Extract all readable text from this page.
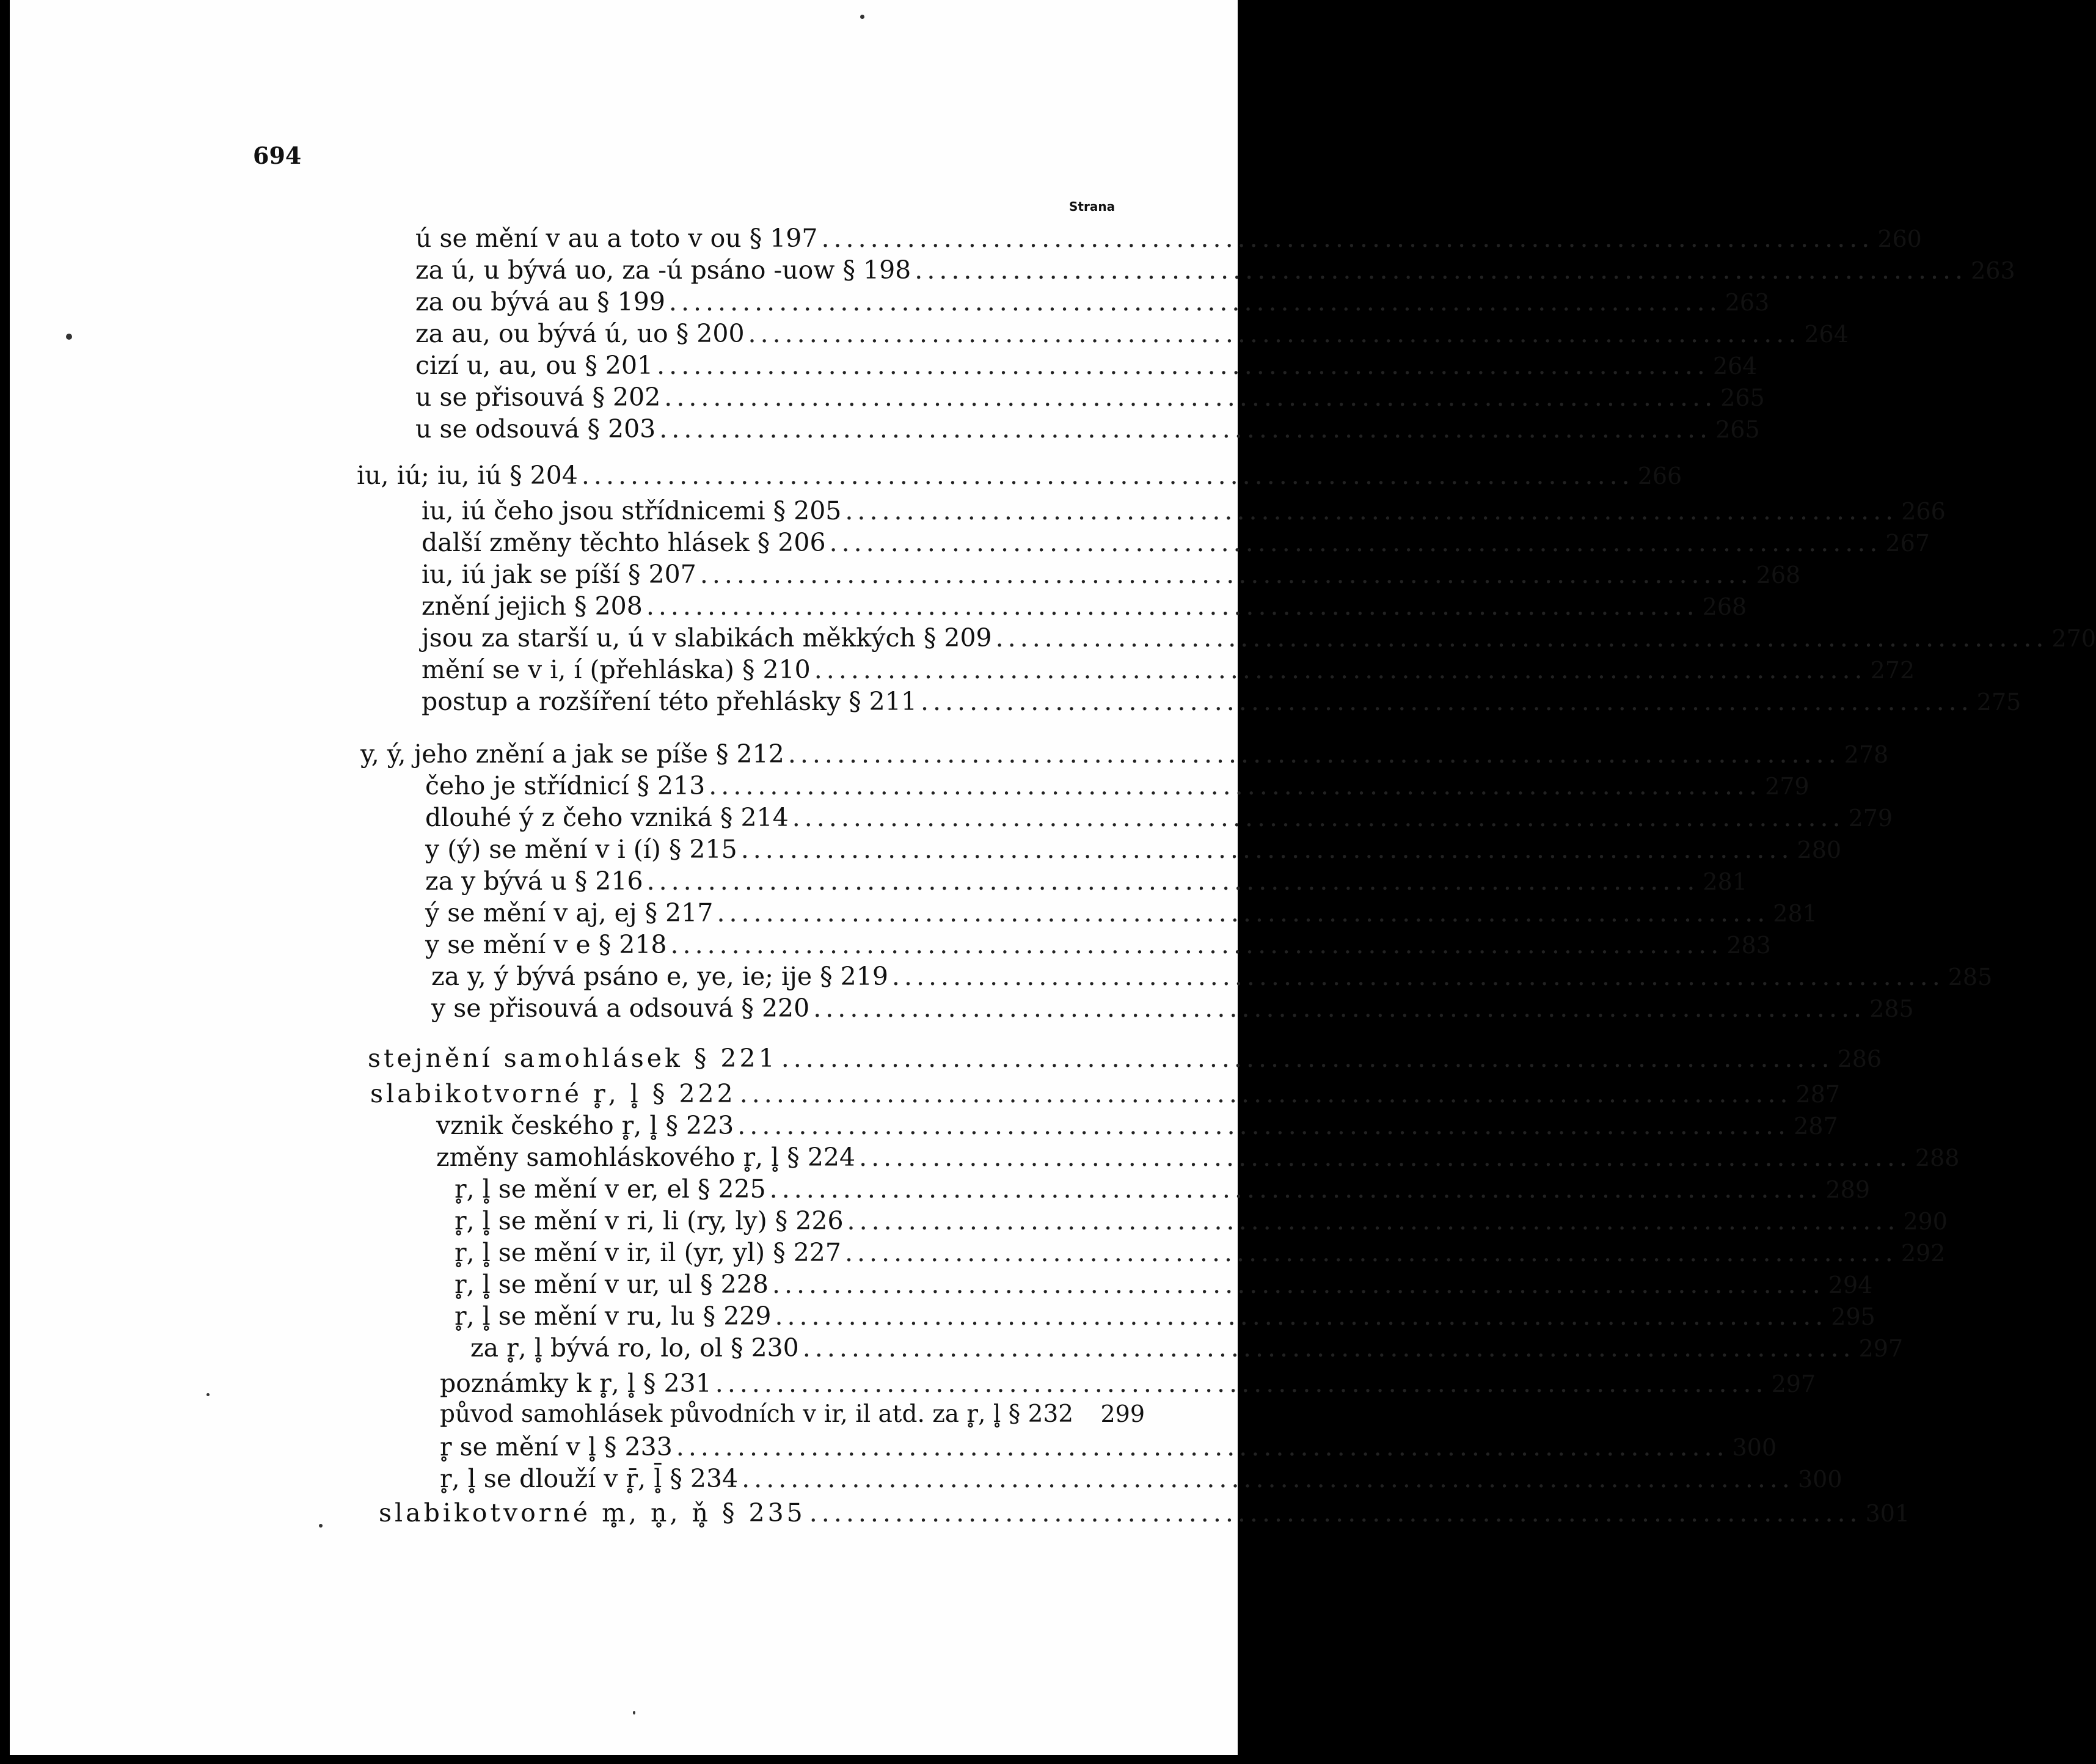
694
Strana
ú se mění v au a toto v ou § 197 ...................................................................................... 260
za ú, u bývá uo, za -ú psáno -uow § 198 ...................................................................................... 263
za ou bývá au § 199 ...................................................................................... 263
za au, ou bývá ú, uo § 200 ...................................................................................... 264
cizí u, au, ou § 201 ...................................................................................... 264
u se přisouvá § 202 ...................................................................................... 265
u se odsouvá § 203 ...................................................................................... 265
iu, iú; iu, iú § 204 ...................................................................................... 266
iu, iú čeho jsou střídnicemi § 205 ...................................................................................... 266
další změny těchto hlásek § 206 ...................................................................................... 267
iu, iú jak se píší § 207 ...................................................................................... 268
znění jejich § 208 ...................................................................................... 268
jsou za starší u, ú v slabikách měkkých § 209 ...................................................................................... 270
mění se v i, í (přehláska) § 210 ...................................................................................... 272
postup a rozšíření této přehlásky § 211 ...................................................................................... 275
y, ý, jeho znění a jak se píše § 212 ...................................................................................... 278
čeho je střídnicí § 213 ...................................................................................... 279
dlouhé ý z čeho vzniká § 214 ...................................................................................... 279
y (ý) se mění v i (í) § 215 ...................................................................................... 280
za y bývá u § 216 ...................................................................................... 281
ý se mění v aj, ej § 217 ...................................................................................... 281
y se mění v e § 218 ...................................................................................... 283
za y, ý bývá psáno e, ye, ie; ije § 219 ...................................................................................... 285
y se přisouvá a odsouvá § 220 ...................................................................................... 285
stejnění samohlásek § 221 ...................................................................................... 286
slabikotvorné r̥, l̥ § 222 ...................................................................................... 287
vznik českého r̥, l̥ § 223 ...................................................................................... 287
změny samohláskového r̥, l̥ § 224 ...................................................................................... 288
r̥, l̥ se mění v er, el § 225 ...................................................................................... 289
r̥, l̥ se mění v ri, li (ry, ly) § 226 ...................................................................................... 290
r̥, l̥ se mění v ir, il (yr, yl) § 227 ...................................................................................... 292
r̥, l̥ se mění v ur, ul § 228 ...................................................................................... 294
r̥, l̥ se mění v ru, lu § 229 ...................................................................................... 295
za r̥, l̥ bývá ro, lo, ol § 230 ...................................................................................... 297
poznámky k r̥, l̥ § 231 ...................................................................................... 297
původ samohlásek původních v ir, il atd. za r̥, l̥ § 232 299
r̥ se mění v l̥ § 233 ...................................................................................... 300
r̥, l̥ se dlouží v r̥̄, l̥̄ § 234 ...................................................................................... 300
slabikotvorné m̥, n̥, ň̥ § 235 ...................................................................................... 301
